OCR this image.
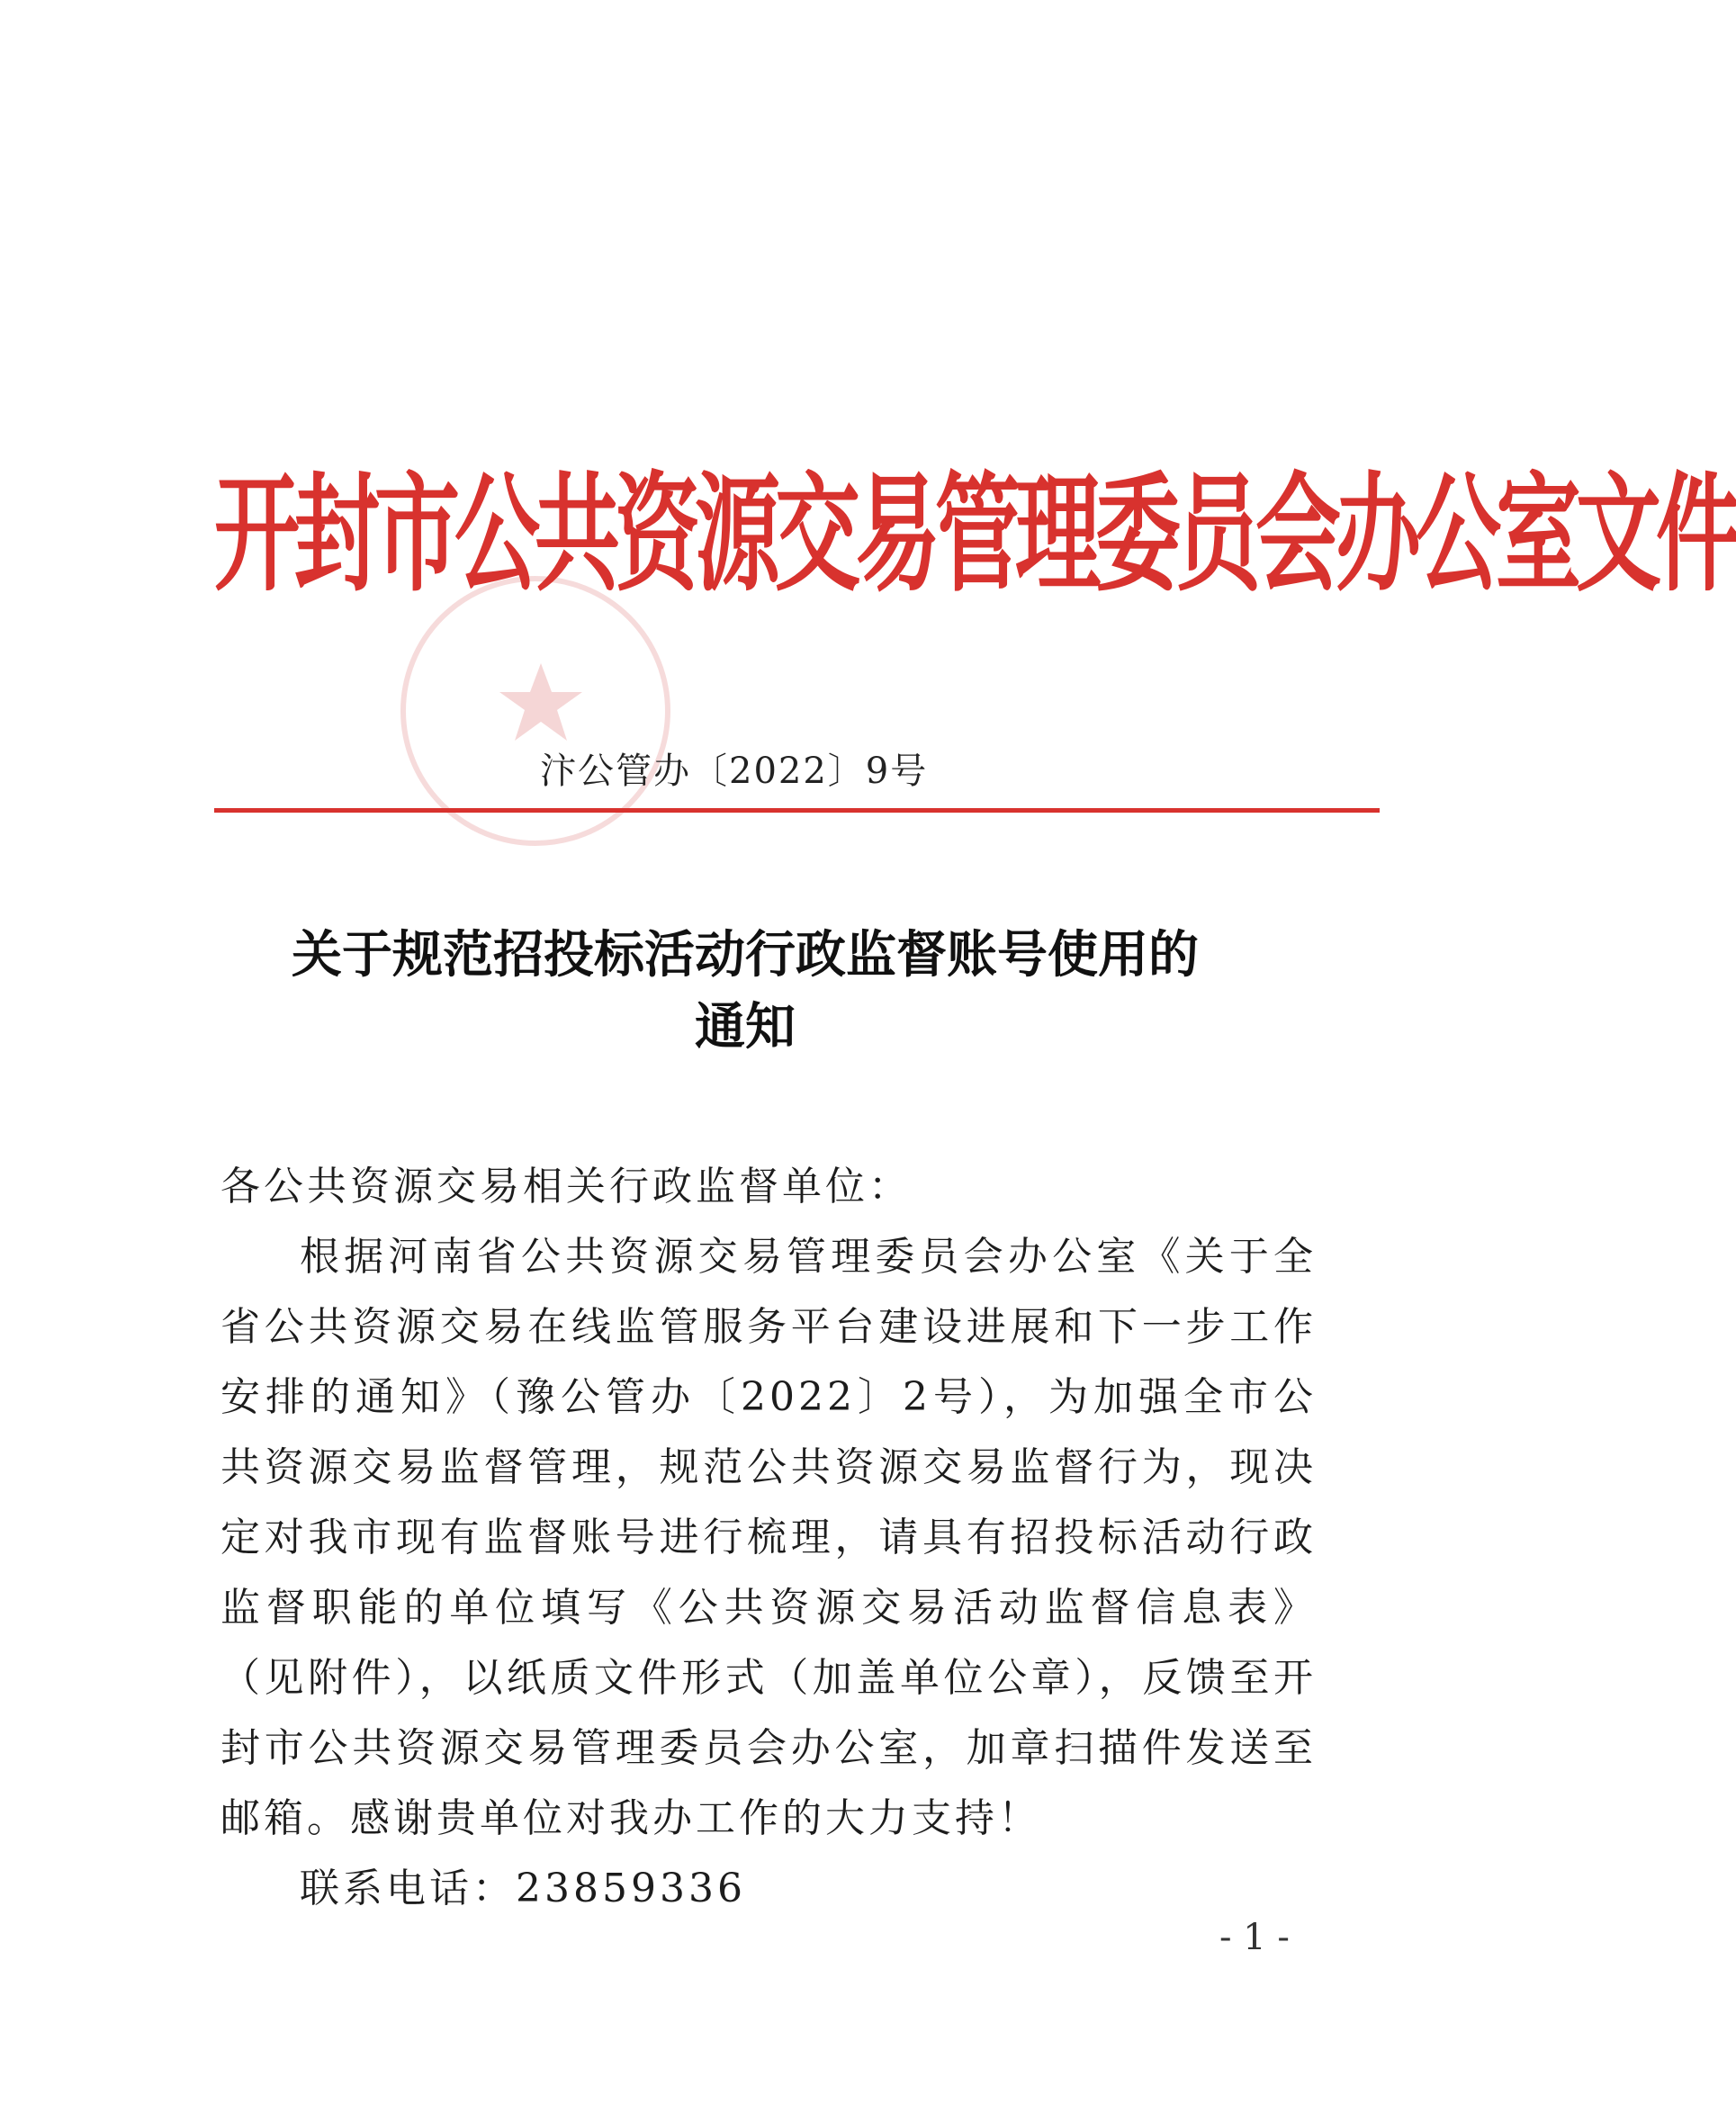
开封市公共资源交易管理委员会办公室文件
汴公管办〔2022〕9号
关于规范招投标活动行政监督账号使用的
通知

各公共资源交易相关行政监督单位：

根据河南省公共资源交易管理委员会办公室《关于全省公共资源交易在线监管服务平台建设进展和下一步工作安排的通知》（豫公管办〔2022〕2号），为加强全市公共资源交易监督管理，规范公共资源交易监督行为，现决定对我市现有监督账号进行梳理，请具有招投标活动行政监督职能的单位填写《公共资源交易活动监督信息表》（见附件），以纸质文件形式（加盖单位公章），反馈至开封市公共资源交易管理委员会办公室，加章扫描件发送至邮箱。感谢贵单位对我办工作的大力支持！

联系电话：23859336

- 1 -
